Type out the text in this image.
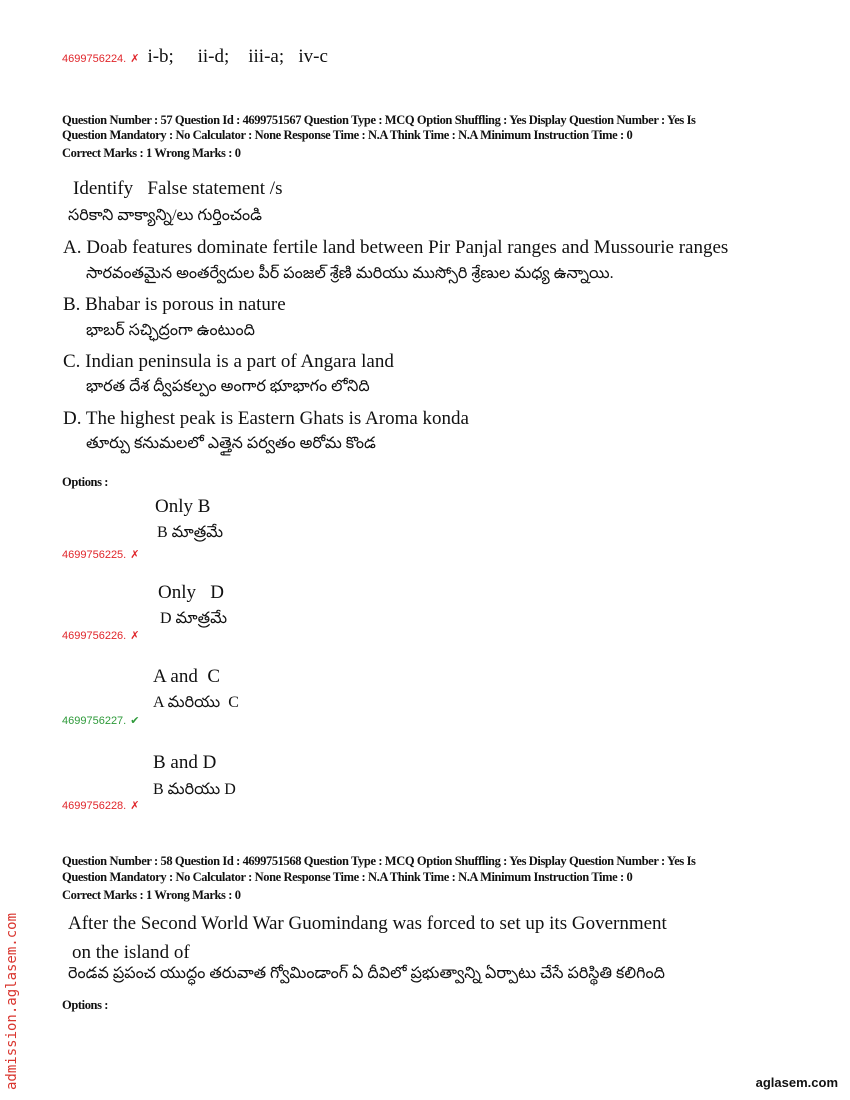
4699756224. ✗ i-b;     ii-d;    iii-a;   iv-c
Question Number : 57 Question Id : 4699751567 Question Type : MCQ Option Shuffling : Yes Display Question Number : Yes Is
Question Mandatory : No Calculator : None Response Time : N.A Think Time : N.A Minimum Instruction Time : 0
Correct Marks : 1 Wrong Marks : 0
Identify   False statement /s
సరికాని వాక్యాన్ని/లు గుర్తించండి
A. Doab features dominate fertile land between Pir Panjal ranges and Mussourie ranges
సారవంతమైన అంతర్వేదుల పీర్ పంజల్ శ్రేణి మరియు ముస్సోరి శ్రేణుల మధ్య ఉన్నాయి.
B. Bhabar is porous in nature
భాబర్ సచ్ఛిద్రంగా ఉంటుంది
C. Indian peninsula is a part of Angara land
భారత దేశ ద్వీపకల్పం అంగార భూభాగం లోనిది
D. The highest peak is Eastern Ghats is Aroma konda
తూర్పు కనుమలలో ఎత్తైన పర్వతం అరోమ కొండ
Options :
Only B
B మాత్రమే
4699756225. ✗
Only   D
D మాత్రమే
4699756226. ✗
A and  C
A మరియు  C
4699756227. ✔
B and D
B మరియు D
4699756228. ✗
Question Number : 58 Question Id : 4699751568 Question Type : MCQ Option Shuffling : Yes Display Question Number : Yes Is
Question Mandatory : No Calculator : None Response Time : N.A Think Time : N.A Minimum Instruction Time : 0
Correct Marks : 1 Wrong Marks : 0
After the Second World War Guomindang was forced to set up its Government
on the island of
రెండవ ప్రపంచ యుద్ధం తరువాత గ్వోమిండాంగ్ ఏ దీవిలో ప్రభుత్వాన్ని ఏర్పాటు చేసే పరిస్థితి కలిగింది
Options :
admission.aglasem.com	aglasem.com
